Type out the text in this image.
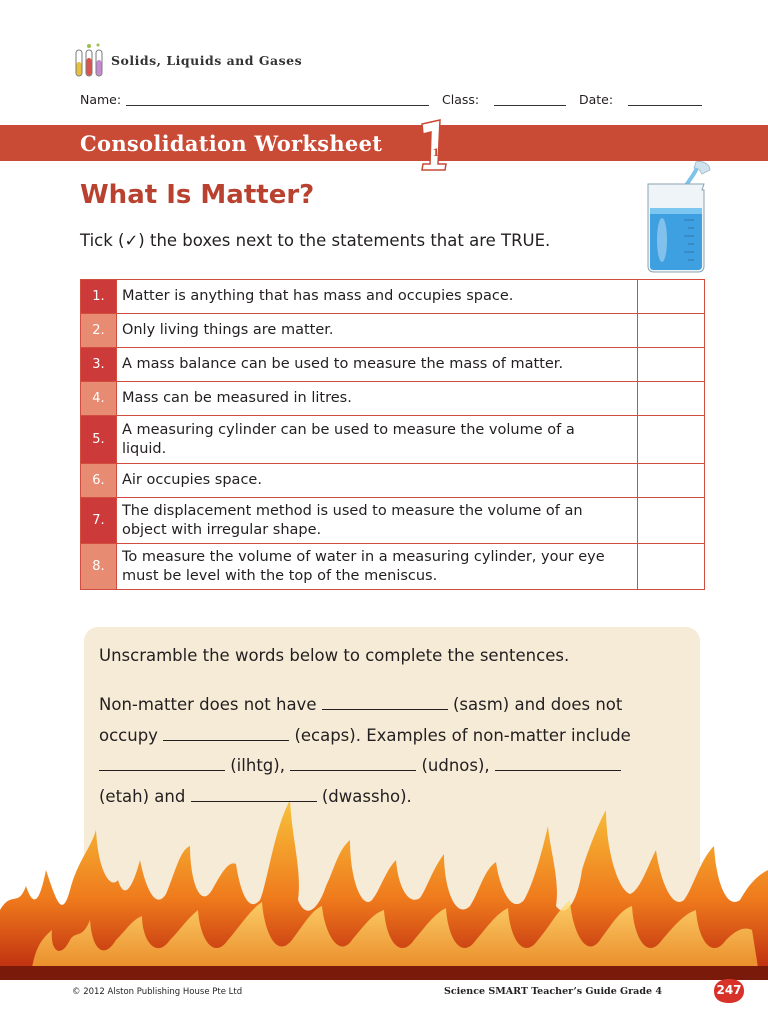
Solids, Liquids and Gases
Name:	Class:	Date:
Consolidation Worksheet	1
What Is Matter?
Tick (✓) the boxes next to the statements that are TRUE.
1.	Matter is anything that has mass and occupies space.	
2.	Only living things are matter.	
3.	A mass balance can be used to measure the mass of matter.	
4.	Mass can be measured in litres.	
5.	A measuring cylinder can be used to measure the volume of a liquid.	

6.	Air occupies space.	
7.	The displacement method is used to measure the volume of an object with irregular shape.	

8.	To measure the volume of water in a measuring cylinder, your eye must be level with the top of the meniscus.	

Unscramble the words below to complete the sentences.
Non-matter does not have	(sasm) and does not
occupy	(ecaps). Examples of non-matter include
(ilhtg),	(udnos),
(etah) and	(dwassho).
© 2012 Alston Publishing House Pte Ltd	Science SMART Teacher’s Guide Grade 4	247
